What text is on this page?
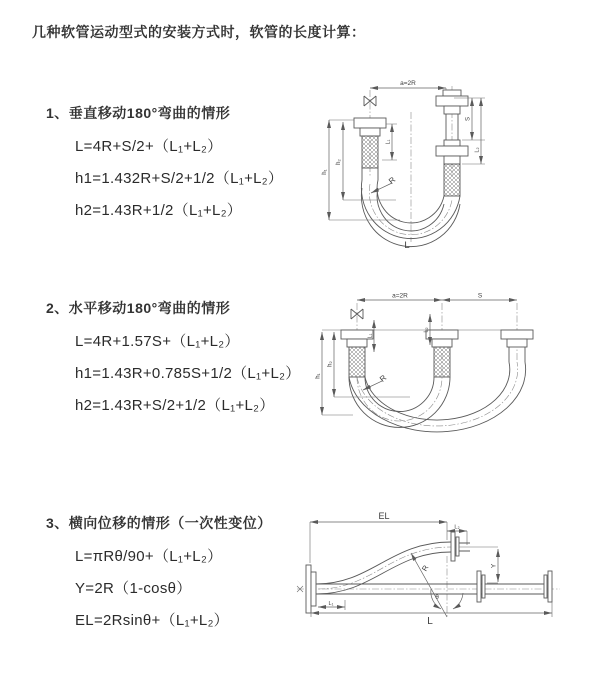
几种软管运动型式的安装方式时，软管的长度计算：
1、垂直移动180°弯曲的情形
L=4R+S/2+（L₁+L₂）
h1=1.432R+S/2+1/2（L₁+L₂）
h2=1.43R+1/2（L₁+L₂）
2、水平移动180°弯曲的情形
L=4R+1.57S+（L₁+L₂）
h1=1.43R+0.785S+1/2（L₁+L₂）
h2=1.43R+S/2+1/2（L₁+L₂）
3、横向位移的情形（一次性变位）
L=πRθ/90+（L₁+L₂）
Y=2R（1-cosθ）
EL=2Rsinθ+（L₁+L₂）
a=2R
h₁
h₂
L₁
S
L₂
R
L
a=2R	S
h₁
h₂
L₁
L₂
R
EL
L₂
Y
R
θ
L₁
L
